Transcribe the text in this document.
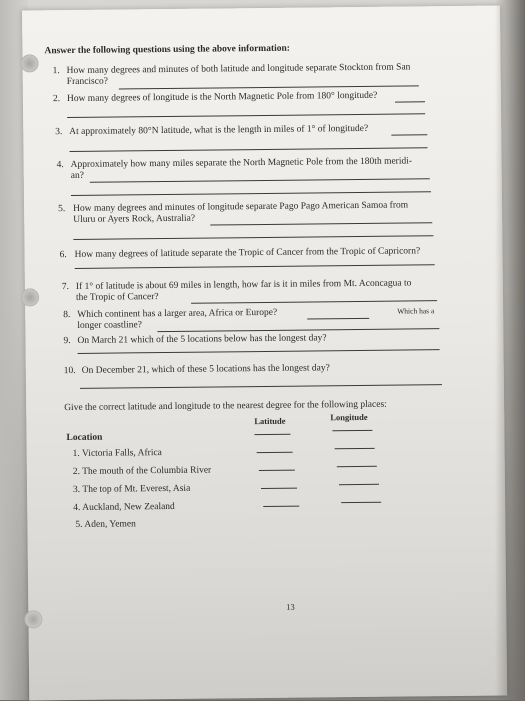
Answer the following questions using the above information:
1. How many degrees and minutes of both latitude and longitude separate Stockton from San
Francisco?
2. How many degrees of longitude is the North Magnetic Pole from 180° longitude?
3. At approximately 80°N latitude, what is the length in miles of 1° of longitude?
4. Approximately how many miles separate the North Magnetic Pole from the 180th meridi-
an?
5. How many degrees and minutes of longitude separate Pago Pago American Samoa from
Uluru or Ayers Rock, Australia?
6. How many degrees of latitude separate the Tropic of Cancer from the Tropic of Capricorn?
7. If 1° of latitude is about 69 miles in length, how far is it in miles from Mt. Aconcagua to
the Tropic of Cancer?
8. Which continent has a larger area, Africa or Europe?	Which has a
longer coastline?
9. On March 21 which of the 5 locations below has the longest day?
10. On December 21, which of these 5 locations has the longest day?
Give the correct latitude and longitude to the nearest degree for the following places:
Latitude	Longitude
Location
1. Victoria Falls, Africa
2. The mouth of the Columbia River
3. The top of Mt. Everest, Asia
4. Auckland, New Zealand
5. Aden, Yemen
13
